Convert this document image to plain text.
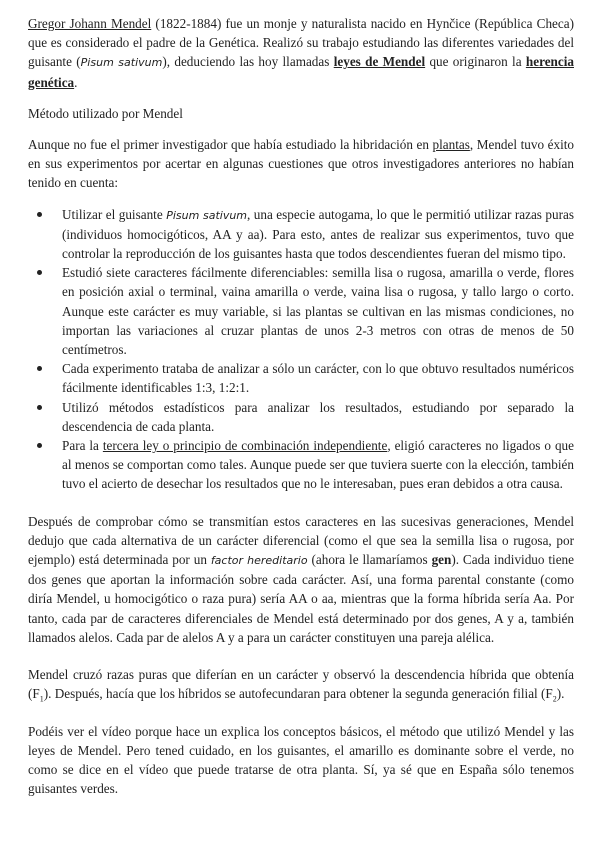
Gregor Johann Mendel (1822-1884) fue un monje y naturalista nacido en Hynčice (República Checa) que es considerado el padre de la Genética. Realizó su trabajo estudiando las diferentes variedades del guisante (Pisum sativum), deduciendo las hoy llamadas leyes de Mendel que originaron la herencia genética.

Método utilizado por Mendel

Aunque no fue el primer investigador que había estudiado la hibridación en plantas, Mendel tuvo éxito en sus experimentos por acertar en algunas cuestiones que otros investigadores anteriores no habían tenido en cuenta:

Utilizar el guisante Pisum sativum, una especie autogama, lo que le permitió utilizar razas puras (individuos homocigóticos, AA y aa). Para esto, antes de realizar sus experimentos, tuvo que controlar la reproducción de los guisantes hasta que todos descendientes fueran del mismo tipo.
Estudió siete caracteres fácilmente diferenciables: semilla lisa o rugosa, amarilla o verde, flores en posición axial o terminal, vaina amarilla o verde, vaina lisa o rugosa, y tallo largo o corto. Aunque este carácter es muy variable, si las plantas se cultivan en las mismas condiciones, no importan las variaciones al cruzar plantas de unos 2-3 metros con otras de menos de 50 centímetros.
Cada experimento trataba de analizar a sólo un carácter, con lo que obtuvo resultados numéricos fácilmente identificables 1:3, 1:2:1.
Utilizó métodos estadísticos para analizar los resultados, estudiando por separado la descendencia de cada planta.
Para la tercera ley o principio de combinación independiente, eligió caracteres no ligados o que al menos se comportan como tales. Aunque puede ser que tuviera suerte con la elección, también tuvo el acierto de desechar los resultados que no le interesaban, pues eran debidos a otra causa.

Después de comprobar cómo se transmitían estos caracteres en las sucesivas generaciones, Mendel dedujo que cada alternativa de un carácter diferencial (como el que sea la semilla lisa o rugosa, por ejemplo) está determinada por un factor hereditario (ahora le llamaríamos gen). Cada individuo tiene dos genes que aportan la información sobre cada carácter. Así, una forma parental constante (como diría Mendel, u homocigótico o raza pura) sería AA o aa, mientras que la forma híbrida sería Aa. Por tanto, cada par de caracteres diferenciales de Mendel está determinado por dos genes, A y a, también llamados alelos. Cada par de alelos A y a para un carácter constituyen una pareja alélica.

Mendel cruzó razas puras que diferían en un carácter y observó la descendencia híbrida que obtenía $(F_1)$. Después, hacía que los híbridos se autofecundaran para obtener la segunda generación filial $(F_2)$.

Podéis ver el vídeo porque hace un explica los conceptos básicos, el método que utilizó Mendel y las leyes de Mendel. Pero tened cuidado, en los guisantes, el amarillo es dominante sobre el verde, no como se dice en el vídeo que puede tratarse de otra planta. Sí, ya sé que en España sólo tenemos guisantes verdes.
